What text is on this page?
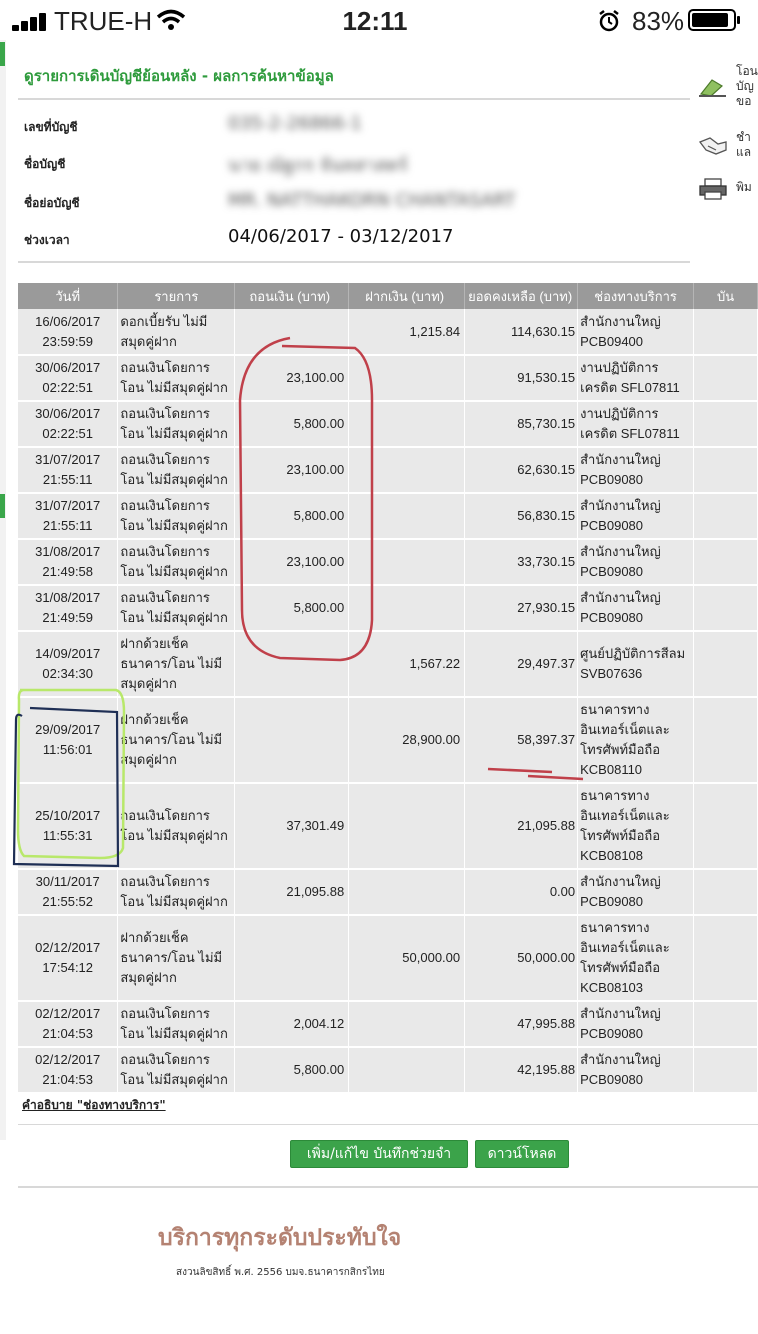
TRUE-H	12:11	83%
ดูรายการเดินบัญชีย้อนหลัง - ผลการค้นหาข้อมูล
เลขที่บัญชี	035-2-26866-1
ชื่อบัญชี	นาย ณัฐกร จันทสาสตร์
ชื่อย่อบัญชี	MR. NATTHAKORN CHANTASART
ช่วงเวลา	04/06/2017 - 03/12/2017
โอน บัญ ขอ
ชำ แล
พิม
วันที่	รายการ	ถอนเงิน (บาท)	ฝากเงิน (บาท)	ยอดคงเหลือ (บาท)	ช่องทางบริการ	บัน

16/06/2017
23:59:59	ดอกเบี้ยรับ ไม่มีสมุดคู่ฝาก		1,215.84	114,630.15	สำนักงานใหญ่ PCB09400	

30/06/2017
02:22:51	ถอนเงินโดยการโอน ไม่มีสมุดคู่ฝาก	23,100.00		91,530.15	งานปฏิบัติการเครดิต SFL07811	

30/06/2017
02:22:51	ถอนเงินโดยการโอน ไม่มีสมุดคู่ฝาก	5,800.00		85,730.15	งานปฏิบัติการเครดิต SFL07811	

31/07/2017
21:55:11	ถอนเงินโดยการโอน ไม่มีสมุดคู่ฝาก	23,100.00		62,630.15	สำนักงานใหญ่ PCB09080	

31/07/2017
21:55:11	ถอนเงินโดยการโอน ไม่มีสมุดคู่ฝาก	5,800.00		56,830.15	สำนักงานใหญ่ PCB09080	

31/08/2017
21:49:58	ถอนเงินโดยการโอน ไม่มีสมุดคู่ฝาก	23,100.00		33,730.15	สำนักงานใหญ่ PCB09080	

31/08/2017
21:49:59	ถอนเงินโดยการโอน ไม่มีสมุดคู่ฝาก	5,800.00		27,930.15	สำนักงานใหญ่ PCB09080	

14/09/2017
02:34:30	ฝากด้วยเช็ค ธนาคาร/โอน ไม่มีสมุดคู่ฝาก		1,567.22	29,497.37	ศูนย์ปฏิบัติการสีลม SVB07636	

29/09/2017
11:56:01	ฝากด้วยเช็ค ธนาคาร/โอน ไม่มีสมุดคู่ฝาก		28,900.00	58,397.37	ธนาคารทางอินเทอร์เน็ตและโทรศัพท์มือถือ KCB08110	

25/10/2017
11:55:31	ถอนเงินโดยการโอน ไม่มีสมุดคู่ฝาก	37,301.49		21,095.88	ธนาคารทางอินเทอร์เน็ตและโทรศัพท์มือถือ KCB08108	

30/11/2017
21:55:52	ถอนเงินโดยการโอน ไม่มีสมุดคู่ฝาก	21,095.88		0.00	สำนักงานใหญ่ PCB09080	

02/12/2017
17:54:12	ฝากด้วยเช็ค ธนาคาร/โอน ไม่มีสมุดคู่ฝาก		50,000.00	50,000.00	ธนาคารทางอินเทอร์เน็ตและโทรศัพท์มือถือ KCB08103	

02/12/2017
21:04:53	ถอนเงินโดยการโอน ไม่มีสมุดคู่ฝาก	2,004.12		47,995.88	สำนักงานใหญ่ PCB09080	

02/12/2017
21:04:53	ถอนเงินโดยการโอน ไม่มีสมุดคู่ฝาก	5,800.00		42,195.88	สำนักงานใหญ่ PCB09080	
คำอธิบาย "ช่องทางบริการ"
เพิ่ม/แก้ไข บันทึกช่วยจำ	ดาวน์โหลด
บริการทุกระดับประทับใจ
สงวนลิขสิทธิ์ พ.ศ. 2556 บมจ.ธนาคารกสิกรไทย
